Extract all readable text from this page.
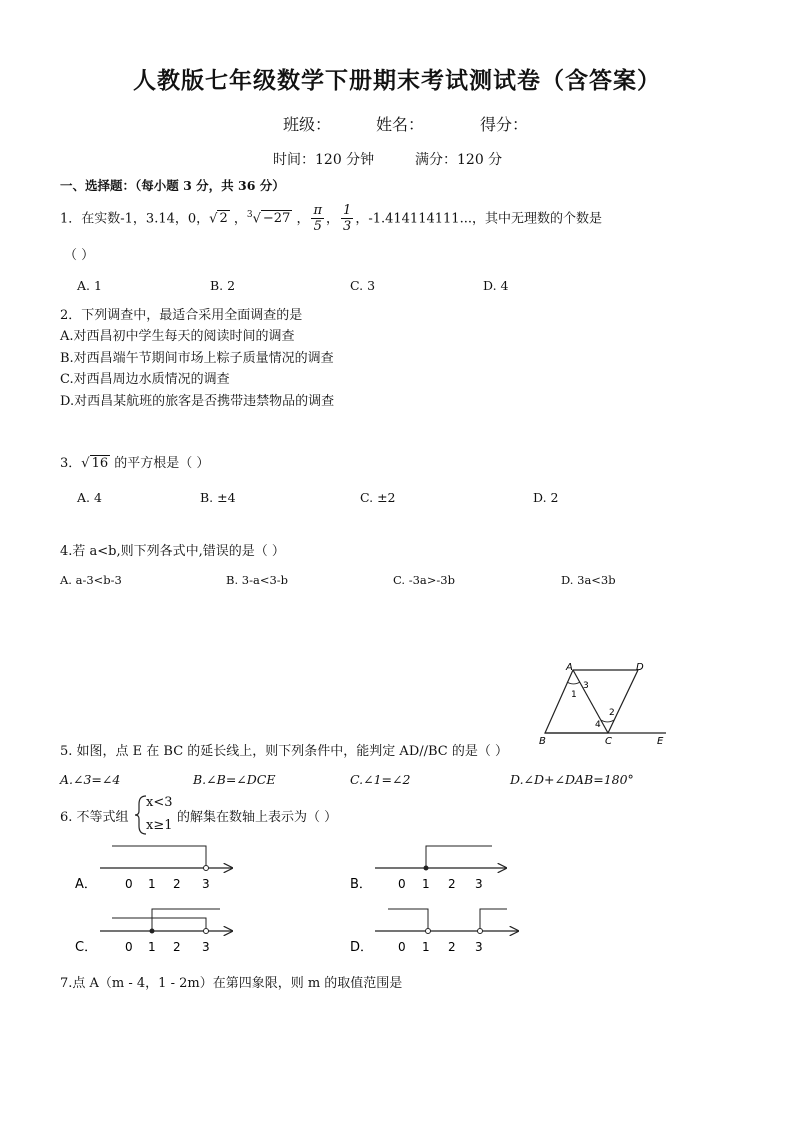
人教版七年级数学下册期末考试测试卷（含答案）
班级：	姓名：	得分：
时间：120 分钟	满分：120 分
一、选择题：（每小题 3 分，共 36 分）
1．在实数-1，3.14，0，√ 2 ，$^3$√ −27 ， $\frac{\pi}{5}$ ， $\frac{1}{3}$ ，-1.414114111...，其中无理数的个数是
（ ）
A. 1	B. 2	C. 3	D. 4
2．下列调查中，最适合采用全面调查的是
A.对西昌初中学生每天的阅读时间的调查
B.对西昌端午节期间市场上粽子质量情况的调查
C.对西昌周边水质情况的调查
D.对西昌某航班的旅客是否携带违禁物品的调查
3．√ 16 的平方根是（ ）
A. 4	B. ±4	C. ±2	D. 2
4.若 a<b,则下列各式中,错误的是（ ）
A. a-3<b-3	B. 3-a<3-b	C. -3a>-3b	D. 3a<3b
A	D
B	C	E
1
2
3
4
5. 如图，点 E 在 BC 的延长线上，则下列条件中，能判定 AD//BC 的是（ ）
A.∠3=∠4	B.∠B=∠DCE	C.∠1=∠2	D.∠D+∠DAB=180°
6. 不等式组
x<3
x≥1
的解集在数轴上表示为（ ）
A． 0 1 2 3	B． 0 1 2 3
C． 0 1 2 3	D． 0 1 2 3
7.点 A（m - 4，1 - 2m）在第四象限，则 m 的取值范围是
